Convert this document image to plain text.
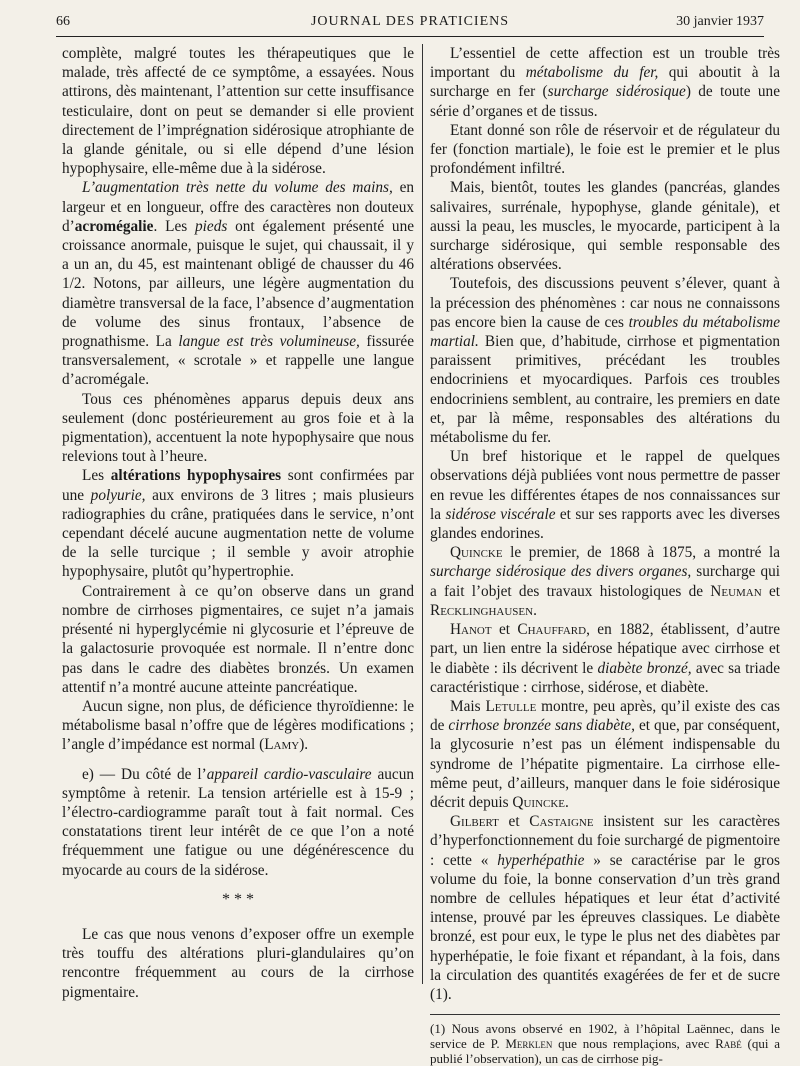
66	JOURNAL DES PRATICIENS	30 janvier 1937

complète, malgré toutes les thérapeutiques que le malade, très affecté de ce symptôme, a essayées. Nous attirons, dès maintenant, l’attention sur cette insuffisance testiculaire, dont on peut se demander si elle provient directement de l’imprégnation sidérosique atrophiante de la glande génitale, ou si elle dépend d’une lésion hypophysaire, elle-même due à la sidérose.

L’augmentation très nette du volume des mains, en largeur et en longueur, offre des caractères non douteux d’acromégalie. Les pieds ont également présenté une croissance anormale, puisque le sujet, qui chaussait, il y a un an, du 45, est maintenant obligé de chausser du 46 1/2. Notons, par ailleurs, une légère augmentation du diamètre transversal de la face, l’absence d’augmentation de volume des sinus frontaux, l’absence de prognathisme. La langue est très volumineuse, fissurée transversalement, « scrotale » et rappelle une langue d’acromégale.

Tous ces phénomènes apparus depuis deux ans seulement (donc postérieurement au gros foie et à la pigmentation), accentuent la note hypophysaire que nous relevions tout à l’heure.

Les altérations hypophysaires sont confirmées par une polyurie, aux environs de 3 litres ; mais plusieurs radiographies du crâne, pratiquées dans le service, n’ont cependant décelé aucune augmentation nette de volume de la selle turcique ; il semble y avoir atrophie hypophysaire, plutôt qu’hypertrophie.

Contrairement à ce qu’on observe dans un grand nombre de cirrhoses pigmentaires, ce sujet n’a jamais présenté ni hyperglycémie ni glycosurie et l’épreuve de la galactosurie provoquée est normale. Il n’entre donc pas dans le cadre des diabètes bronzés. Un examen attentif n’a montré aucune atteinte pancréatique.

Aucun signe, non plus, de déficience thyroïdienne: le métabolisme basal n’offre que de légères modifications ; l’angle d’impédance est normal (Lamy).

e) — Du côté de l’appareil cardio-vasculaire aucun symptôme à retenir. La tension artérielle est à 15-9 ; l’électro-cardiogramme paraît tout à fait normal. Ces constatations tirent leur intérêt de ce que l’on a noté fréquemment une fatigue ou une dégénérescence du myocarde au cours de la sidérose.

* * *

Le cas que nous venons d’exposer offre un exemple très touffu des altérations pluri-glandulaires qu’on rencontre fréquemment au cours de la cirrhose pigmentaire.

L’essentiel de cette affection est un trouble très important du métabolisme du fer, qui aboutit à la surcharge en fer (surcharge sidérosique) de toute une série d’organes et de tissus.

Etant donné son rôle de réservoir et de régulateur du fer (fonction martiale), le foie est le premier et le plus profondément infiltré.

Mais, bientôt, toutes les glandes (pancréas, glandes salivaires, surrénale, hypophyse, glande génitale), et aussi la peau, les muscles, le myocarde, participent à la surcharge sidérosique, qui semble responsable des altérations observées.

Toutefois, des discussions peuvent s’élever, quant à la précession des phénomènes : car nous ne connaissons pas encore bien la cause de ces troubles du métabolisme martial. Bien que, d’habitude, cirrhose et pigmentation paraissent primitives, précédant les troubles endocriniens et myocardiques. Parfois ces troubles endocriniens semblent, au contraire, les premiers en date et, par là même, responsables des altérations du métabolisme du fer.

Un bref historique et le rappel de quelques observations déjà publiées vont nous permettre de passer en revue les différentes étapes de nos connaissances sur la sidérose viscérale et sur ses rapports avec les diverses glandes endorines.

Quincke le premier, de 1868 à 1875, a montré la surcharge sidérosique des divers organes, surcharge qui a fait l’objet des travaux histologiques de Neuman et Recklinghausen.

Hanot et Chauffard, en 1882, établissent, d’autre part, un lien entre la sidérose hépatique avec cirrhose et le diabète : ils décrivent le diabète bronzé, avec sa triade caractéristique : cirrhose, sidérose, et diabète.

Mais Letulle montre, peu après, qu’il existe des cas de cirrhose bronzée sans diabète, et que, par conséquent, la glycosurie n’est pas un élément indispensable du syndrome de l’hépatite pigmentaire. La cirrhose elle-même peut, d’ailleurs, manquer dans le foie sidérosique décrit depuis Quincke.

Gilbert et Castaigne insistent sur les caractères d’hyperfonctionnement du foie surchargé de pigmentoire : cette « hyperhépathie » se caractérise par le gros volume du foie, la bonne conservation d’un très grand nombre de cellules hépatiques et leur état d’activité intense, prouvé par les épreuves classiques. Le diabète bronzé, est pour eux, le type le plus net des diabètes par hyperhépatie, le foie fixant et répandant, à la fois, dans la circulation des quantités exagérées de fer et de sucre (1).

(1) Nous avons observé en 1902, à l’hôpital Laënnec, dans le service de P. Merklen que nous remplaçions, avec Rabé (qui a publié l’observation), un cas de cirrhose pig-
